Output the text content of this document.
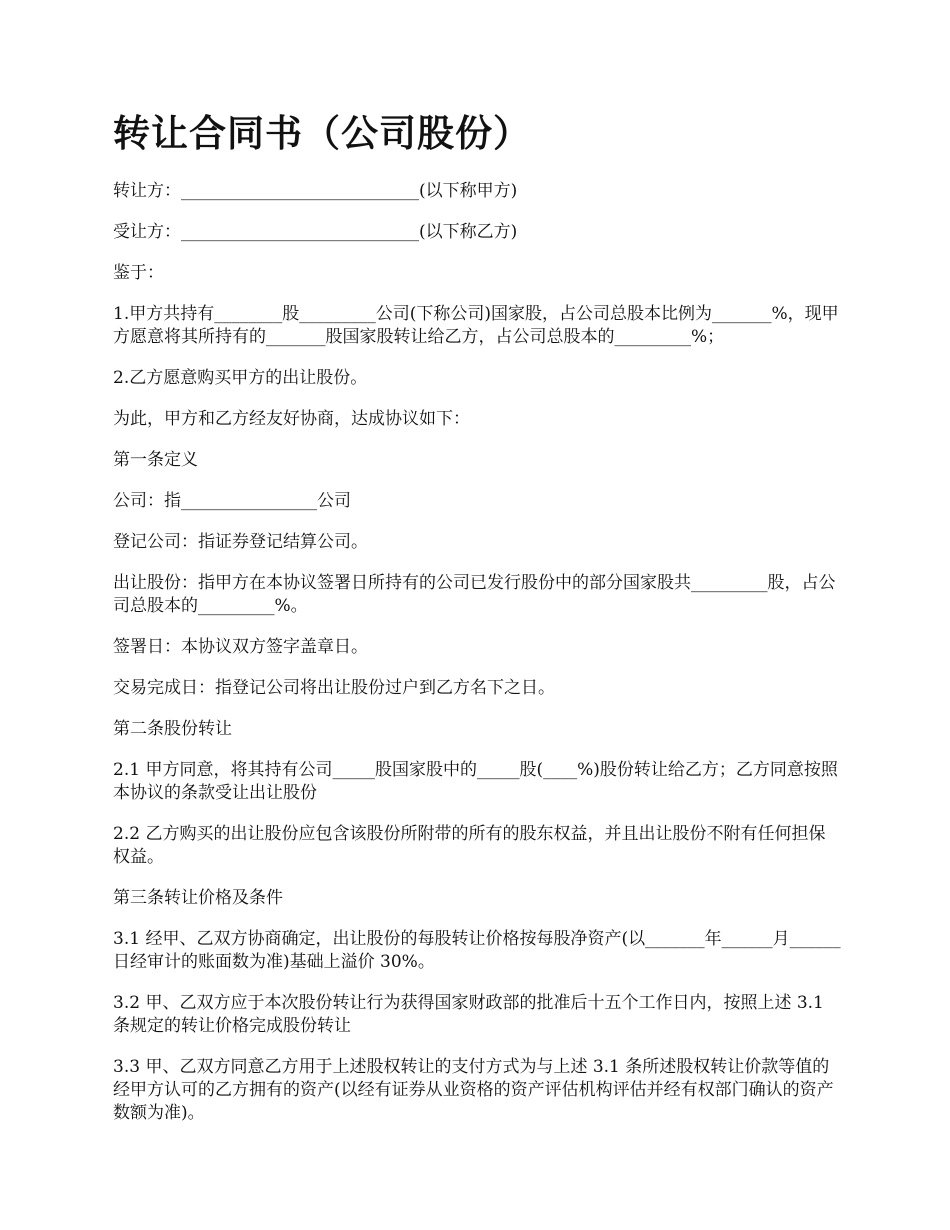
转让合同书（公司股份）

转让方：____________________________(以下称甲方)

受让方：____________________________(以下称乙方)

鉴于：

1.甲方共持有________股_________公司(下称公司)国家股，占公司总股本比例为_______%，现甲方愿意将其所持有的_______股国家股转让给乙方，占公司总股本的_________%；

2.乙方愿意购买甲方的出让股份。

为此，甲方和乙方经友好协商，达成协议如下：

第一条定义

公司：指________________公司

登记公司：指证券登记结算公司。

出让股份：指甲方在本协议签署日所持有的公司已发行股份中的部分国家股共_________股，占公司总股本的_________%。

签署日：本协议双方签字盖章日。

交易完成日：指登记公司将出让股份过户到乙方名下之日。

第二条股份转让

2.1 甲方同意，将其持有公司_____股国家股中的_____股(____%)股份转让给乙方；乙方同意按照本协议的条款受让出让股份

2.2 乙方购买的出让股份应包含该股份所附带的所有的股东权益，并且出让股份不附有任何担保权益。

第三条转让价格及条件

3.1 经甲、乙双方协商确定，出让股份的每股转让价格按每股净资产(以_______年______月______日经审计的账面数为准)基础上溢价 30%。

3.2 甲、乙双方应于本次股份转让行为获得国家财政部的批准后十五个工作日内，按照上述 3.1 条规定的转让价格完成股份转让

3.3 甲、乙双方同意乙方用于上述股权转让的支付方式为与上述 3.1 条所述股权转让价款等值的经甲方认可的乙方拥有的资产(以经有证券从业资格的资产评估机构评估并经有权部门确认的资产数额为准)。
